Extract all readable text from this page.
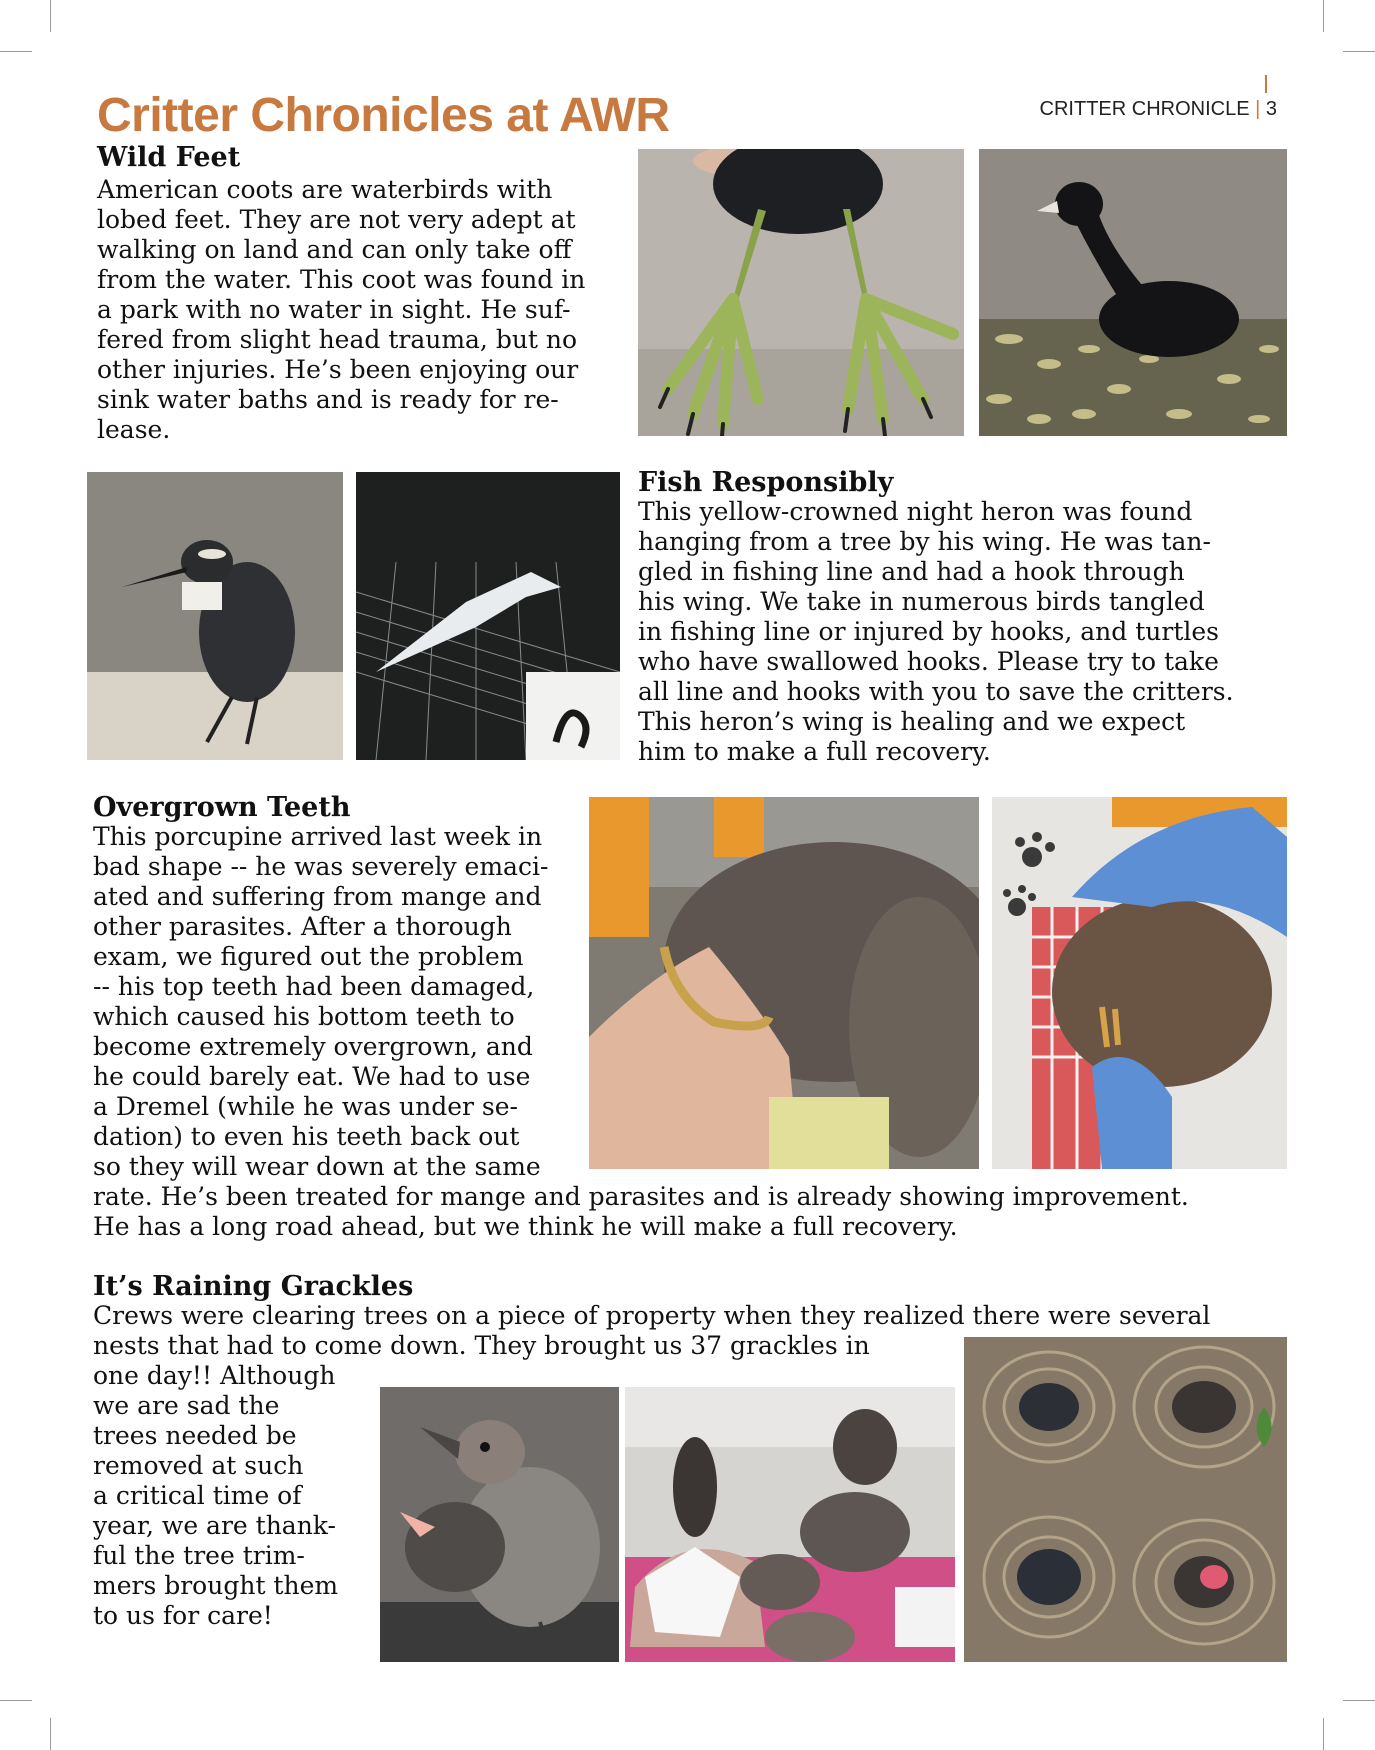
Critter Chronicles at AWR	CRITTER CHRONICLE | 3
Wild Feet
American coots are waterbirds with
lobed feet. They are not very adept at
walking on land and can only take off
from the water. This coot was found in
a park with no water in sight. He suf-
fered from slight head trauma, but no
other injuries. He’s been enjoying our
sink water baths and is ready for re-
lease.
Fish Responsibly
This yellow-crowned night heron was found
hanging from a tree by his wing. He was tan-
gled in fishing line and had a hook through
his wing. We take in numerous birds tangled
in fishing line or injured by hooks, and turtles
who have swallowed hooks. Please try to take
all line and hooks with you to save the critters.
This heron’s wing is healing and we expect
him to make a full recovery.
Overgrown Teeth
This porcupine arrived last week in
bad shape -- he was severely emaci-
ated and suffering from mange and
other parasites. After a thorough
exam, we figured out the problem
-- his top teeth had been damaged,
which caused his bottom teeth to
become extremely overgrown, and
he could barely eat. We had to use
a Dremel (while he was under se-
dation) to even his teeth back out
so they will wear down at the same
rate. He’s been treated for mange and parasites and is already showing improvement.
He has a long road ahead, but we think he will make a full recovery.
It’s Raining Grackles
Crews were clearing trees on a piece of property when they realized there were several
nests that had to come down. They brought us 37 grackles in
one day!! Although
we are sad the
trees needed be
removed at such
a critical time of
year, we are thank-
ful the tree trim-
mers brought them
to us for care!
